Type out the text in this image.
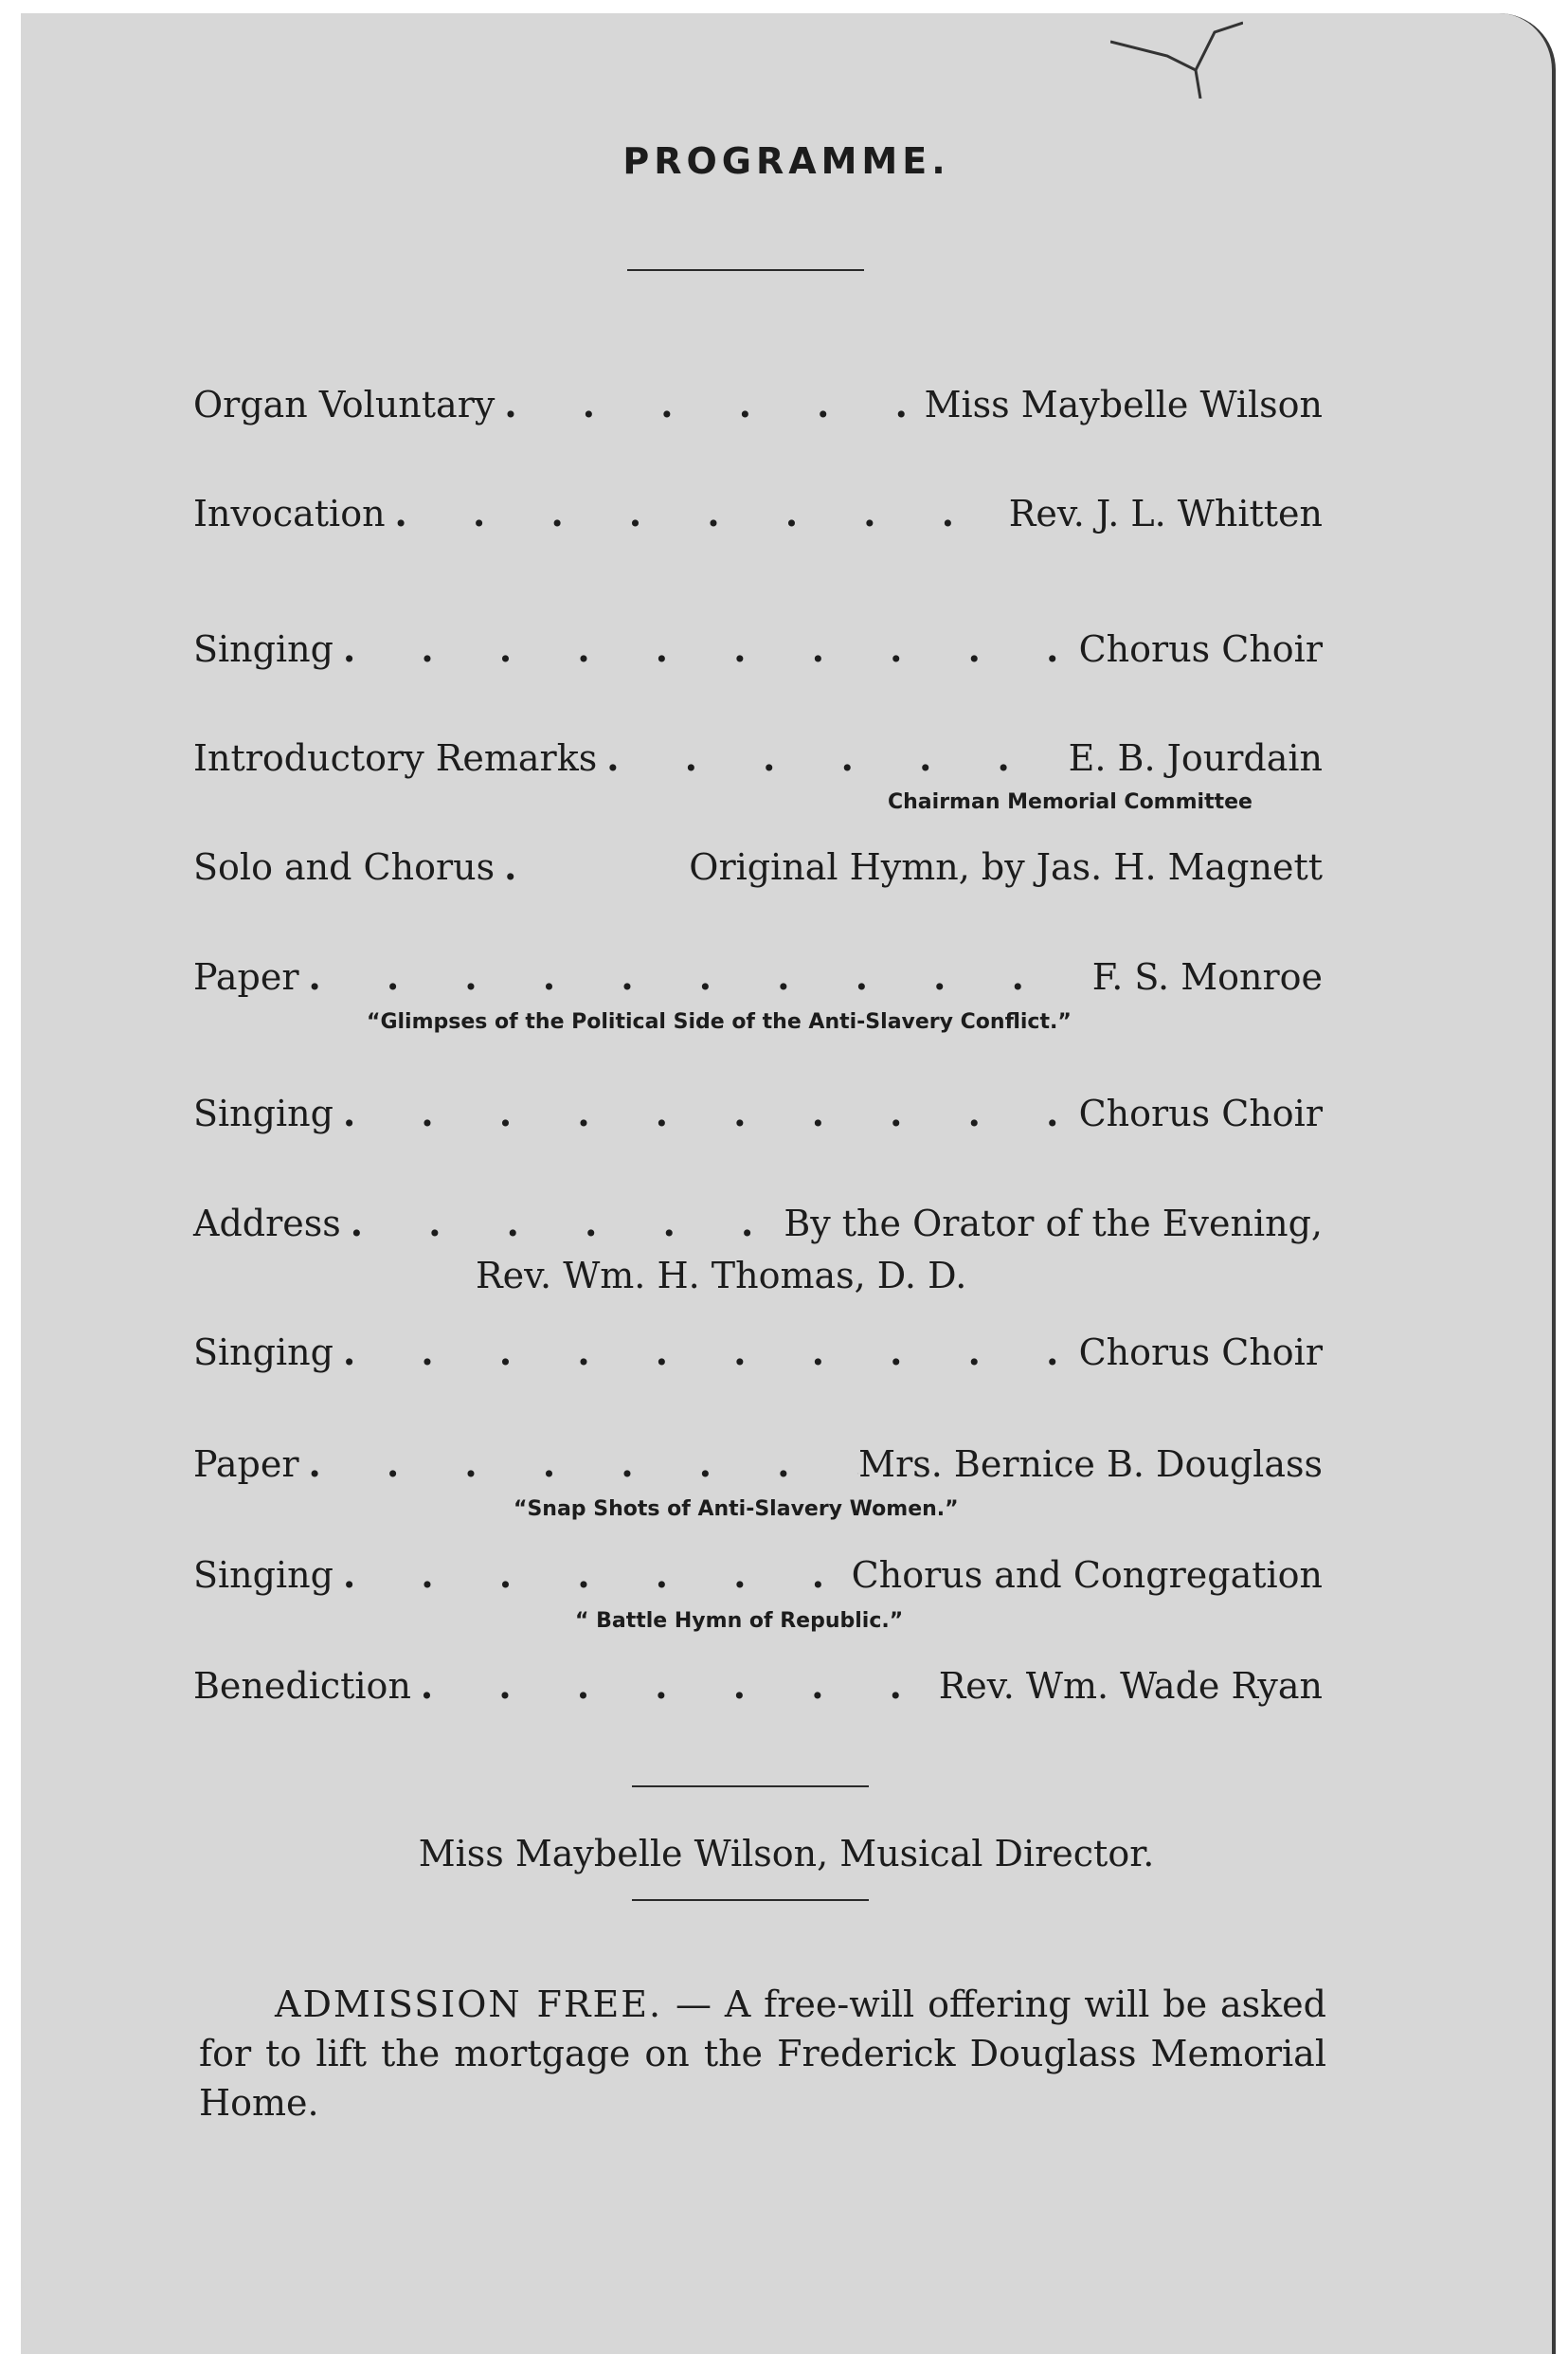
PROGRAMME.
Organ Voluntary . . .	Miss Maybelle Wilson
Invocation . . .	Rev. J. L. Whitten
Singing . . .	Chorus Choir
Introductory Remarks . . .	E. B. Jourdain
Chairman Memorial Committee
Solo and Chorus . . .	Original Hymn, by Jas. H. Magnett
Paper . . .	F. S. Monroe
“Glimpses of the Political Side of the Anti-Slavery Conflict.”
Singing . . .	Chorus Choir
Address . . .	By the Orator of the Evening,
Rev. Wm. H. Thomas, D. D.
Singing . . .	Chorus Choir
Paper . . .	Mrs. Bernice B. Douglass
“Snap Shots of Anti-Slavery Women.”
Singing . . .	Chorus and Congregation
“ Battle Hymn of Republic.”
Benediction . . .	Rev. Wm. Wade Ryan
Miss Maybelle Wilson, Musical Director.
ADMISSION FREE. — A free-will offering will be asked for to lift the mortgage on the Frederick Douglass Memorial Home.
